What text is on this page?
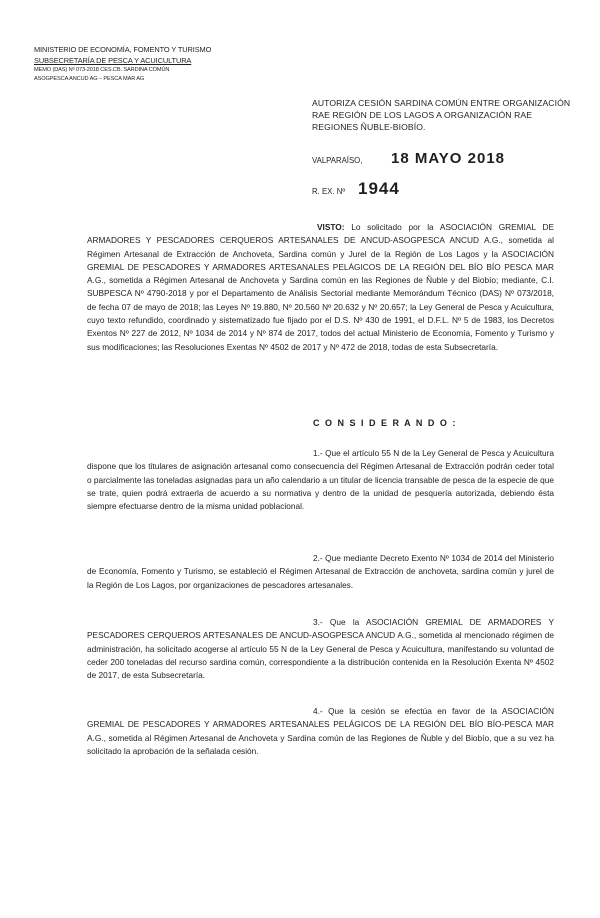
MINISTERIO DE ECONOMÍA, FOMENTO Y TURISMO
SUBSECRETARÍA DE PESCA Y ACUICULTURA
MEMO (DAS) Nº 073-2018 CES.CB. SARDINA COMÚN
ASOGPESCA ANCUD AG – PESCA MAR AG
AUTORIZA CESIÓN SARDINA COMÚN ENTRE ORGANIZACIÓN RAE REGIÓN DE LOS LAGOS A ORGANIZACIÓN RAE REGIONES ÑUBLE-BIOBÍO.
VALPARAÍSO, 18 MAYO 2018
R. EX. Nº 1944
VISTO: Lo solicitado por la ASOCIACIÓN GREMIAL DE ARMADORES Y PESCADORES CERQUEROS ARTESANALES DE ANCUD-ASOGPESCA ANCUD A.G., sometida al Régimen Artesanal de Extracción de Anchoveta, Sardina común y Jurel de la Región de Los Lagos y la ASOCIACIÓN GREMIAL DE PESCADORES Y ARMADORES ARTESANALES PELÁGICOS DE LA REGIÓN DEL BÍO BÍO PESCA MAR A.G., sometida a Régimen Artesanal de Anchoveta y Sardina común en las Regiones de Ñuble y del Biobío; mediante, C.I. SUBPESCA Nº 4790-2018 y por el Departamento de Análisis Sectorial mediante Memorándum Técnico (DAS) Nº 073/2018, de fecha 07 de mayo de 2018; las Leyes Nº 19.880, Nº 20.560 Nº 20.632 y Nº 20.657; la Ley General de Pesca y Acuicultura, cuyo texto refundido, coordinado y sistematizado fue fijado por el D.S. Nº 430 de 1991, el D.F.L. Nº 5 de 1983, los Decretos Exentos Nº 227 de 2012, Nº 1034 de 2014 y Nº 874 de 2017, todos del actual Ministerio de Economía, Fomento y Turismo y sus modificaciones; las Resoluciones Exentas Nº 4502 de 2017 y Nº 472 de 2018, todas de esta Subsecretaría.
C O N S I D E R A N D O :
1.- Que el artículo 55 N de la Ley General de Pesca y Acuicultura dispone que los titulares de asignación artesanal como consecuencia del Régimen Artesanal de Extracción podrán ceder total o parcialmente las toneladas asignadas para un año calendario a un titular de licencia transable de pesca de la especie de que se trate, quien podrá extraerla de acuerdo a su normativa y dentro de la unidad de pesquería autorizada, debiendo ésta siempre efectuarse dentro de la misma unidad poblacional.
2.- Que mediante Decreto Exento Nº 1034 de 2014 del Ministerio de Economía, Fomento y Turismo, se estableció el Régimen Artesanal de Extracción de anchoveta, sardina común y jurel de la Región de Los Lagos, por organizaciones de pescadores artesanales.
3.- Que la ASOCIACIÓN GREMIAL DE ARMADORES Y PESCADORES CERQUEROS ARTESANALES DE ANCUD-ASOGPESCA ANCUD A.G., sometida al mencionado régimen de administración, ha solicitado acogerse al artículo 55 N de la Ley General de Pesca y Acuicultura, manifestando su voluntad de ceder 200 toneladas del recurso sardina común, correspondiente a la distribución contenida en la Resolución Exenta Nº 4502 de 2017, de esta Subsecretaría.
4.- Que la cesión se efectúa en favor de la ASOCIACIÓN GREMIAL DE PESCADORES Y ARMADORES ARTESANALES PELÁGICOS DE LA REGIÓN DEL BÍO BÍO-PESCA MAR A.G., sometida al Régimen Artesanal de Anchoveta y Sardina común de las Regiones de Ñuble y del Biobío, que a su vez ha solicitado la aprobación de la señalada cesión.
